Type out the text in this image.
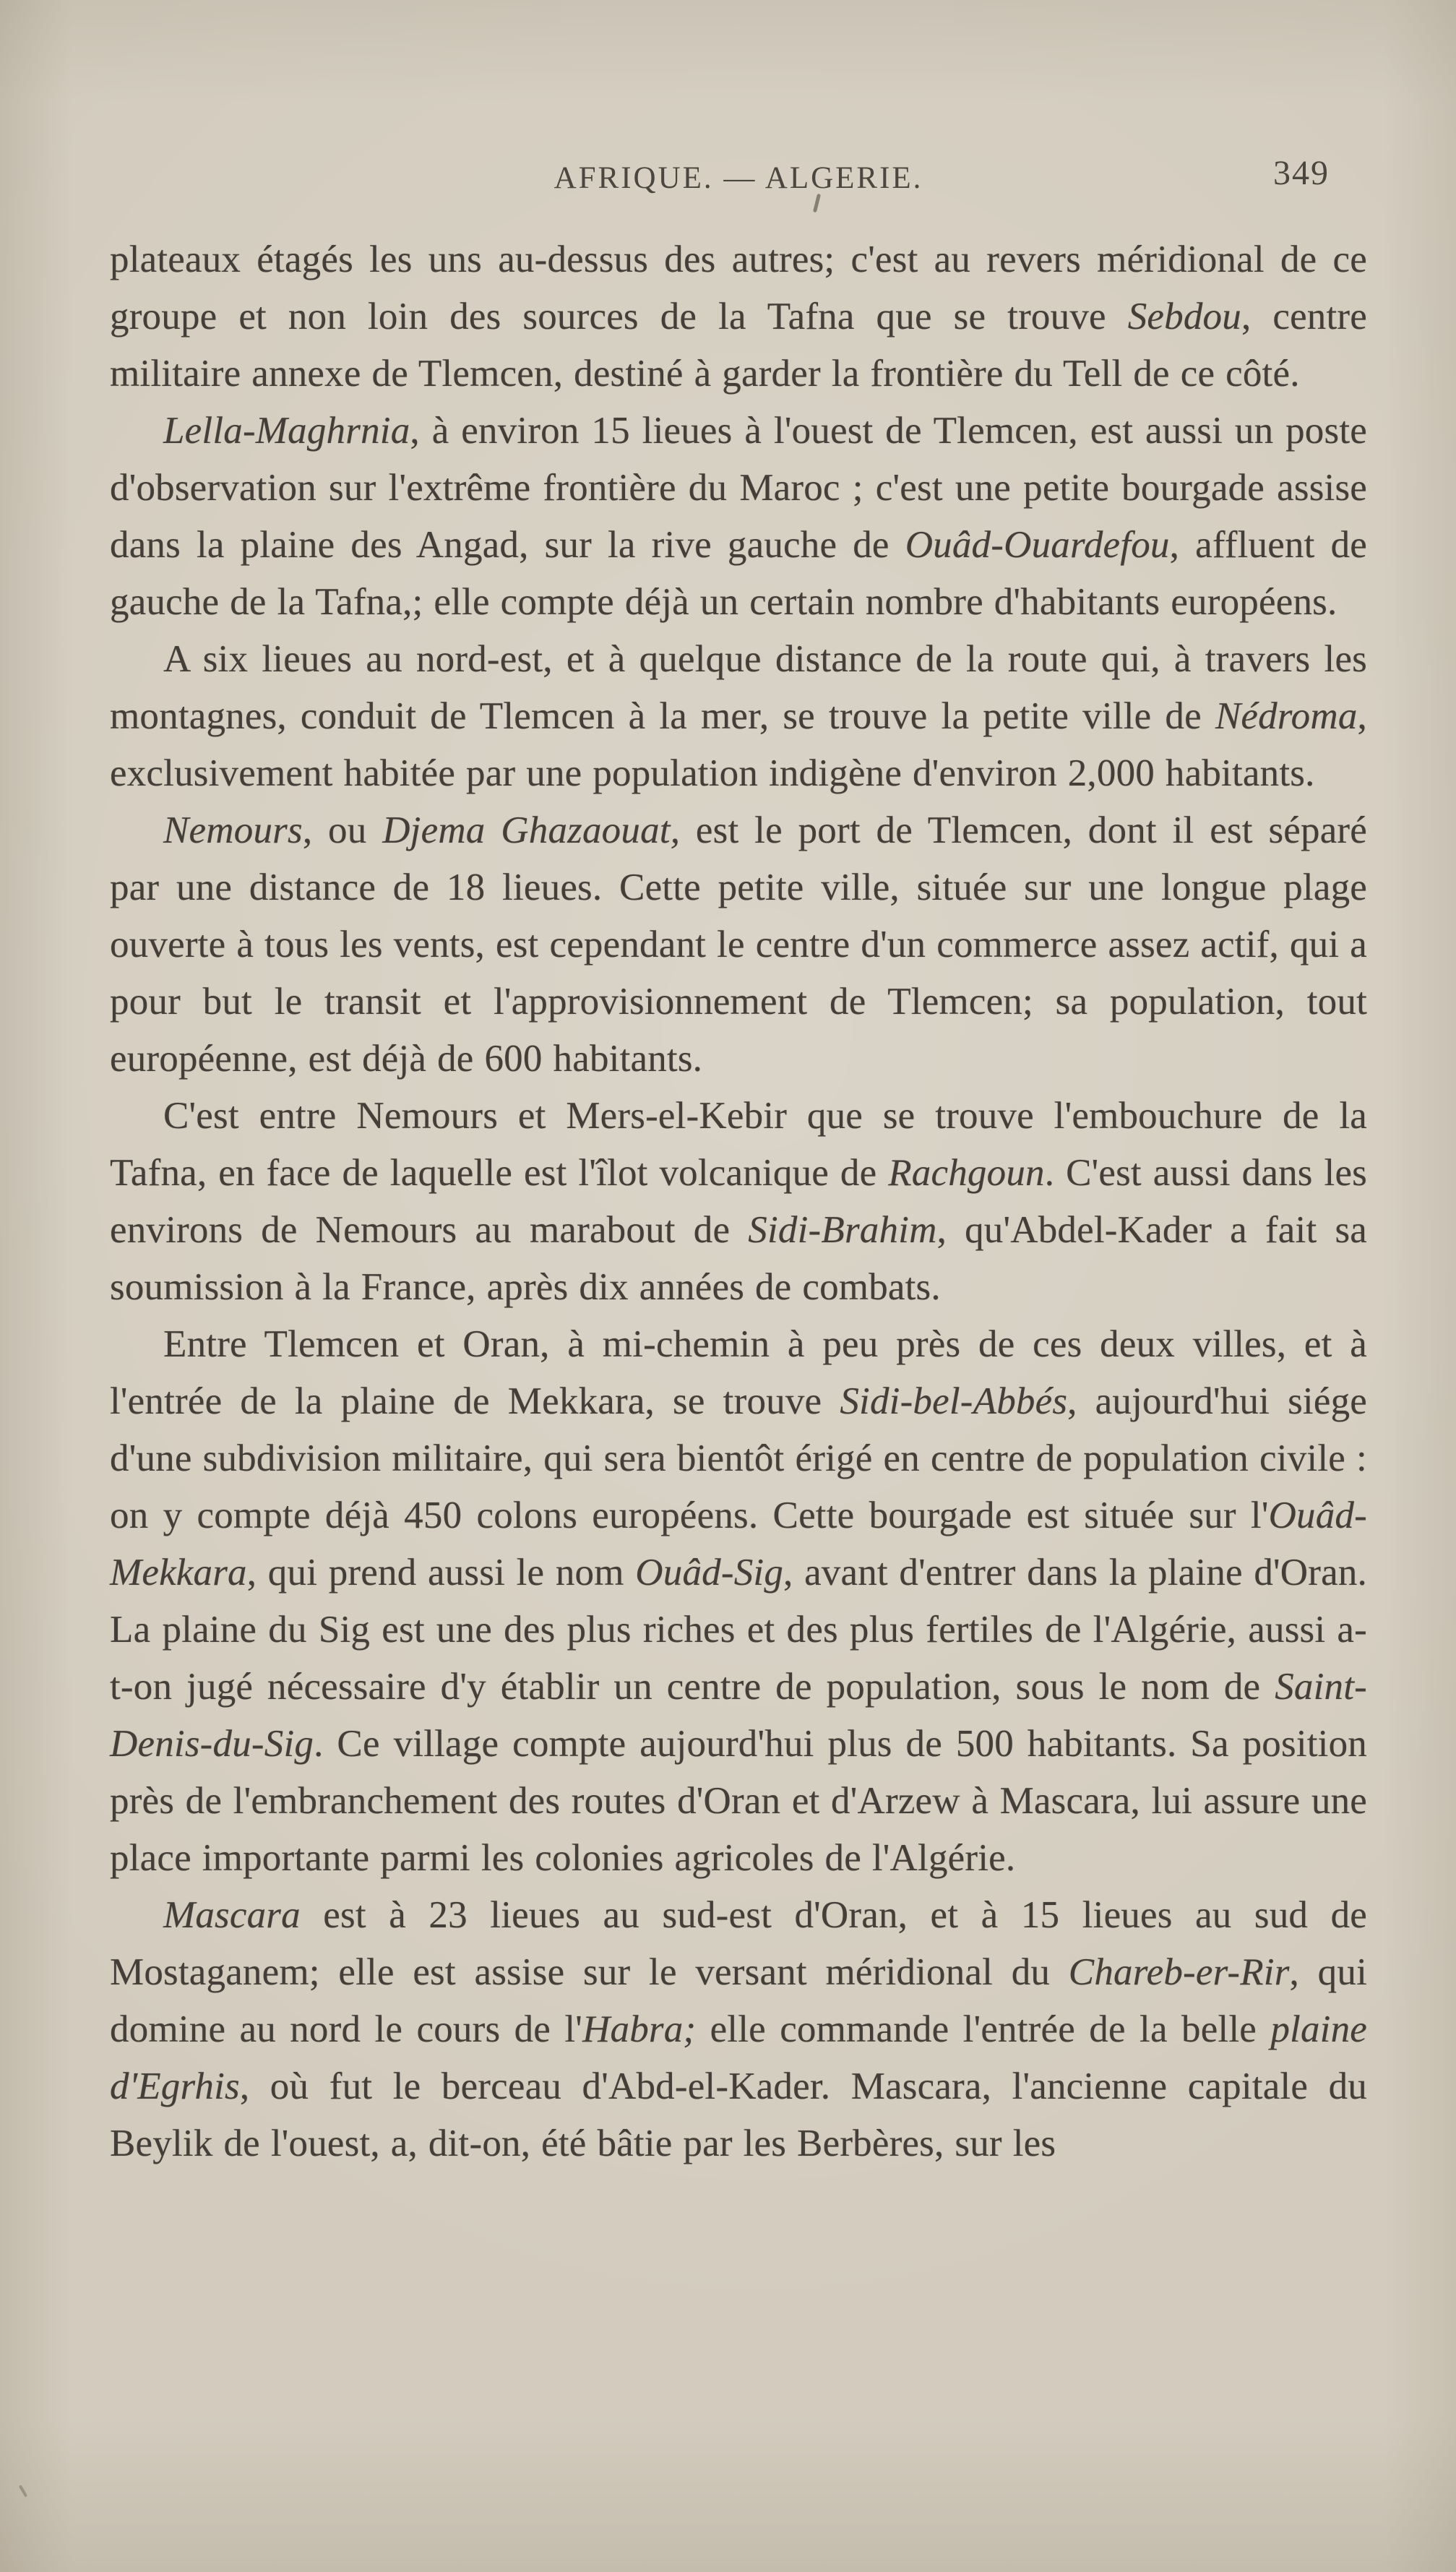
AFRIQUE. — ALGERIE.	349

plateaux étagés les uns au-dessus des autres; c'est au revers méridional de ce groupe et non loin des sources de la Tafna que se trouve Sebdou, centre militaire annexe de Tlemcen, destiné à garder la frontière du Tell de ce côté.

Lella-Maghrnia, à environ 15 lieues à l'ouest de Tlemcen, est aussi un poste d'observation sur l'extrême frontière du Maroc ; c'est une petite bourgade assise dans la plaine des Angad, sur la rive gauche de Ouâd-Ouardefou, affluent de gauche de la Tafna,; elle compte déjà un certain nombre d'habitants européens.

A six lieues au nord-est, et à quelque distance de la route qui, à travers les montagnes, conduit de Tlemcen à la mer, se trouve la petite ville de Nédroma, exclusivement habitée par une population indigène d'environ 2,000 habitants.

Nemours, ou Djema Ghazaouat, est le port de Tlemcen, dont il est séparé par une distance de 18 lieues. Cette petite ville, située sur une longue plage ouverte à tous les vents, est cependant le centre d'un commerce assez actif, qui a pour but le transit et l'approvisionnement de Tlemcen; sa population, tout européenne, est déjà de 600 habitants.

C'est entre Nemours et Mers-el-Kebir que se trouve l'embouchure de la Tafna, en face de laquelle est l'îlot volcanique de Rachgoun. C'est aussi dans les environs de Nemours au marabout de Sidi-Brahim, qu'Abdel-Kader a fait sa soumission à la France, après dix années de combats.

Entre Tlemcen et Oran, à mi-chemin à peu près de ces deux villes, et à l'entrée de la plaine de Mekkara, se trouve Sidi-bel-Abbés, aujourd'hui siége d'une subdivision militaire, qui sera bientôt érigé en centre de population civile : on y compte déjà 450 colons européens. Cette bourgade est située sur l'Ouâd-Mekkara, qui prend aussi le nom Ouâd-Sig, avant d'entrer dans la plaine d'Oran. La plaine du Sig est une des plus riches et des plus fertiles de l'Algérie, aussi a-t-on jugé nécessaire d'y établir un centre de population, sous le nom de Saint-Denis-du-Sig. Ce village compte aujourd'hui plus de 500 habitants. Sa position près de l'embranchement des routes d'Oran et d'Arzew à Mascara, lui assure une place importante parmi les colonies agricoles de l'Algérie.

Mascara est à 23 lieues au sud-est d'Oran, et à 15 lieues au sud de Mostaganem; elle est assise sur le versant méridional du Chareb-er-Rir, qui domine au nord le cours de l'Habra; elle commande l'entrée de la belle plaine d'Egrhis, où fut le berceau d'Abd-el-Kader. Mascara, l'ancienne capitale du Beylik de l'ouest, a, dit-on, été bâtie par les Berbères, sur les
